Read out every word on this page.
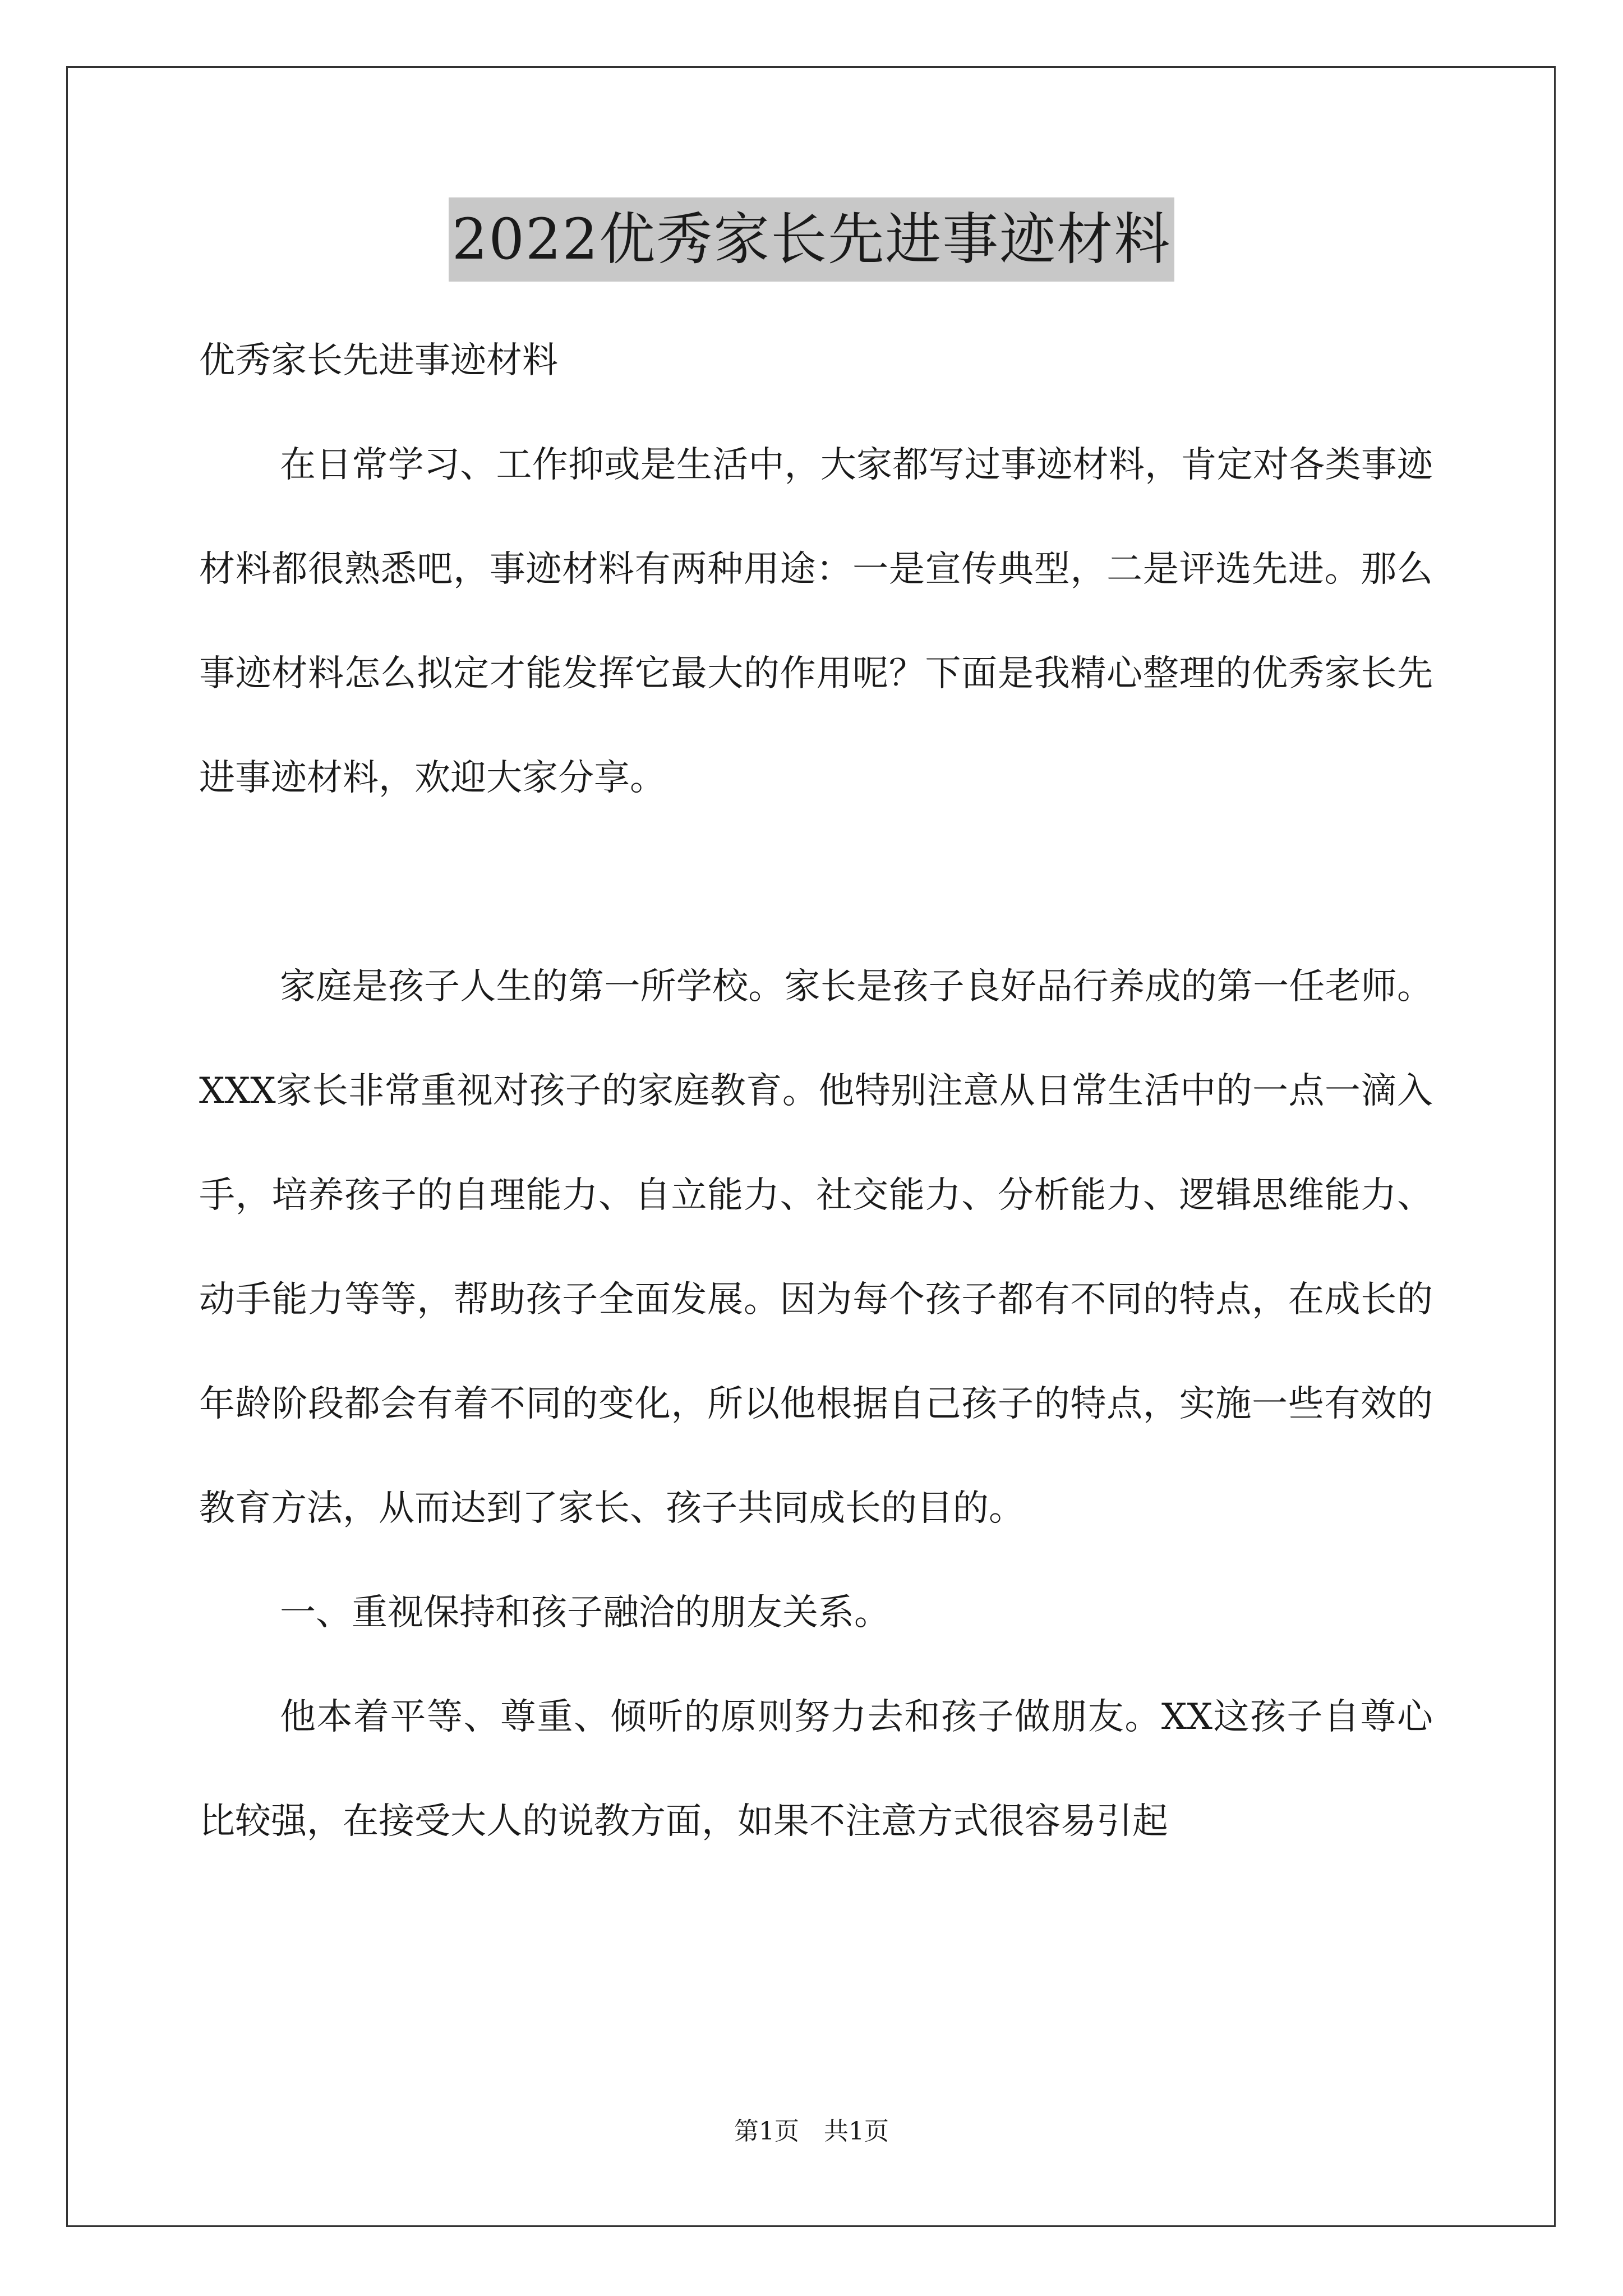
2022优秀家长先进事迹材料

优秀家长先进事迹材料

在日常学习、工作抑或是生活中，大家都写过事迹材料，肯定对各类事迹材料都很熟悉吧，事迹材料有两种用途：一是宣传典型，二是评选先进。那么事迹材料怎么拟定才能发挥它最大的作用呢？下面是我精心整理的优秀家长先进事迹材料，欢迎大家分享。

家庭是孩子人生的第一所学校。家长是孩子良好品行养成的第一任老师。XXX家长非常重视对孩子的家庭教育。他特别注意从日常生活中的一点一滴入手，培养孩子的自理能力、自立能力、社交能力、分析能力、逻辑思维能力、动手能力等等，帮助孩子全面发展。因为每个孩子都有不同的特点，在成长的年龄阶段都会有着不同的变化，所以他根据自己孩子的特点，实施一些有效的教育方法，从而达到了家长、孩子共同成长的目的。

一、重视保持和孩子融洽的朋友关系。

他本着平等、尊重、倾听的原则努力去和孩子做朋友。XX这孩子自尊心比较强，在接受大人的说教方面，如果不注意方式很容易引起

第1页 共1页
